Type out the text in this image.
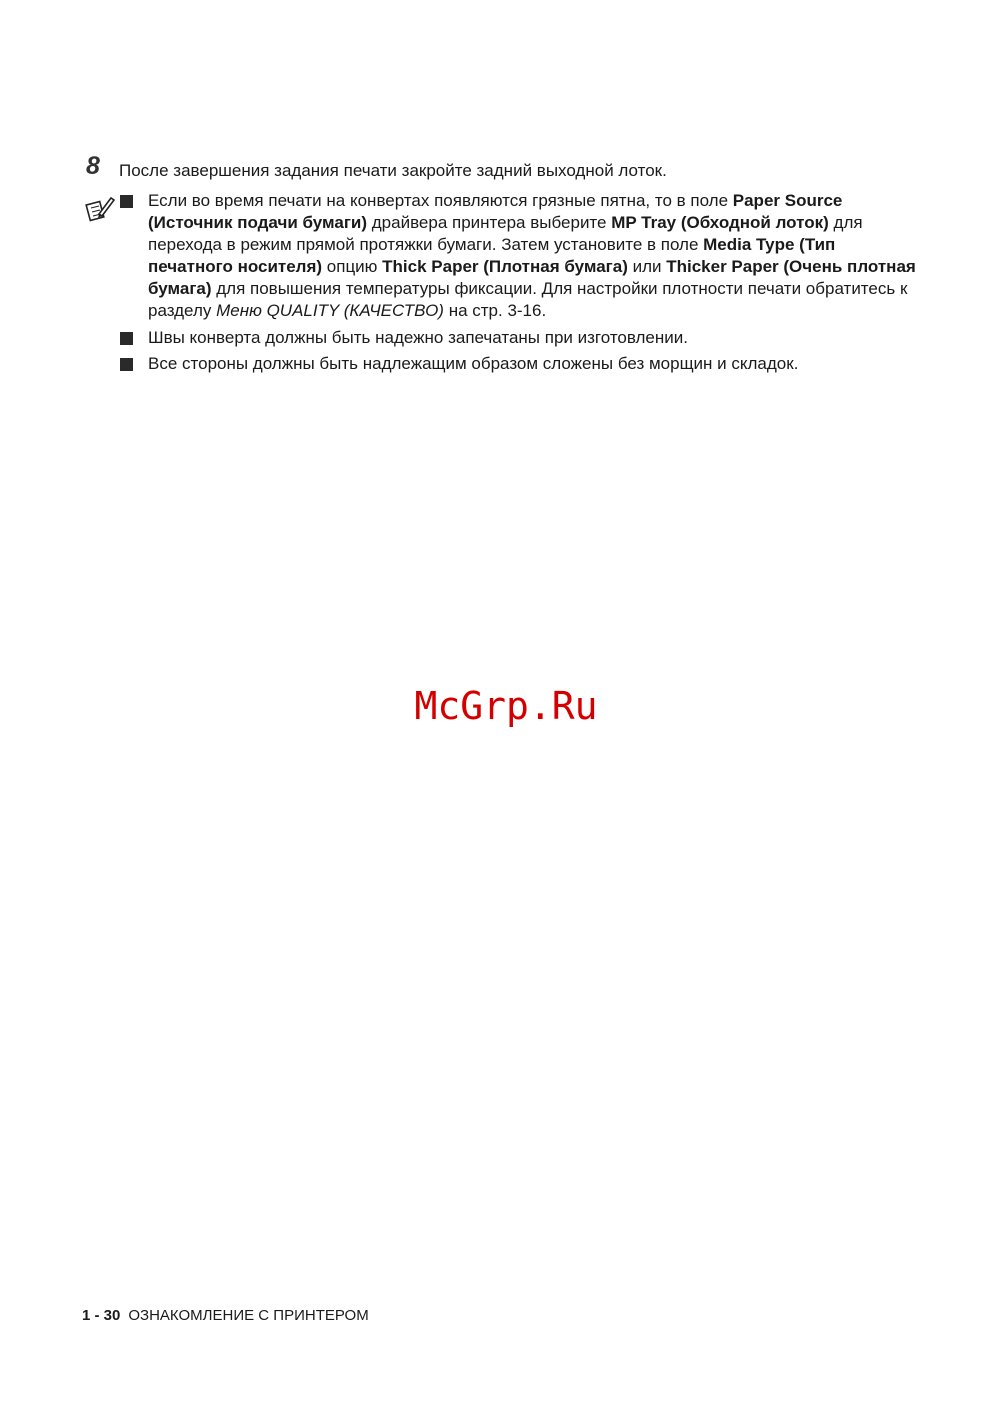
8 После завершения задания печати закройте задний выходной лоток.
Если во время печати на конвертах появляются грязные пятна, то в поле Paper Source (Источник подачи бумаги) драйвера принтера выберите MP Tray (Обходной лоток) для перехода в режим прямой протяжки бумаги. Затем установите в поле Media Type (Тип печатного носителя) опцию Thick Paper (Плотная бумага) или Thicker Paper (Очень плотная бумага) для повышения температуры фиксации. Для настройки плотности печати обратитесь к разделу Меню QUALITY (КАЧЕСТВО) на стр. 3-16.
Швы конверта должны быть надежно запечатаны при изготовлении.
Все стороны должны быть надлежащим образом сложены без морщин и складок.
McGrp.Ru
1 - 30 ОЗНАКОМЛЕНИЕ С ПРИНТЕРОМ
